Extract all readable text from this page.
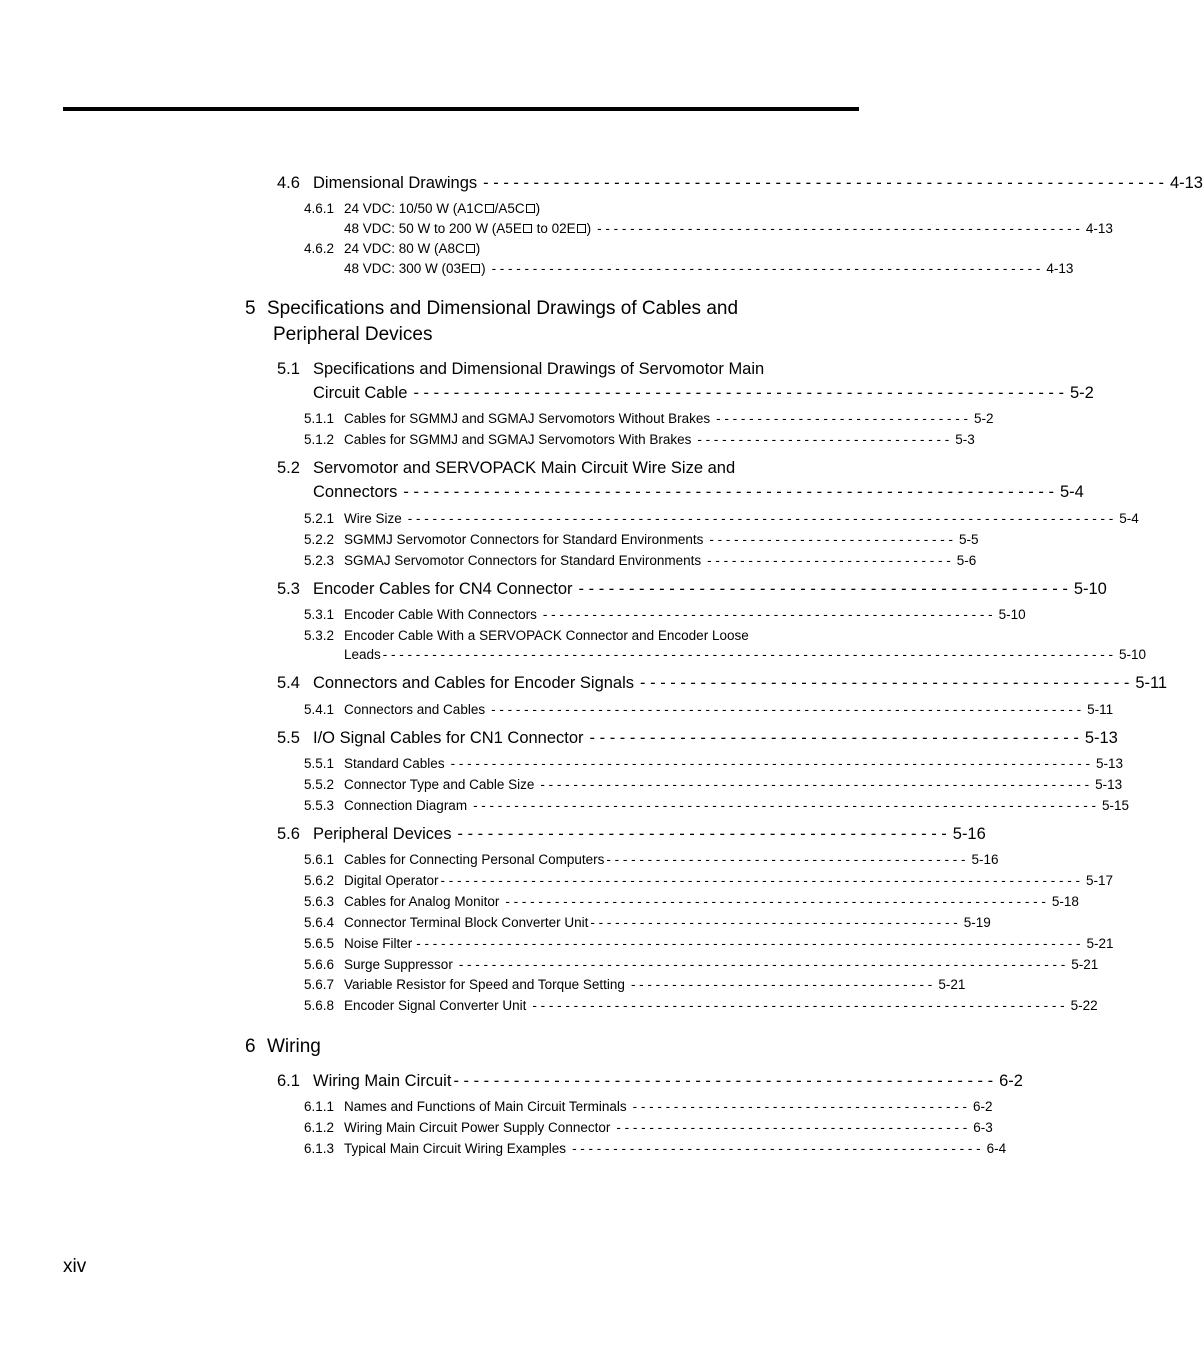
4.6 Dimensional Drawings - - - - - - - - - - - - - - - - - - - - - - - - - - - - - - - - - - - - - - - - - - - - - - - - - - - - - - - - - - - - - - - - - - - - 4-13
4.6.1 24 VDC: 10/50 W (A1C /A5C )
48 VDC: 50 W to 200 W (A5E to 02E ) - - - - - - - - - - - - - - - - - - - - - - - - - - - - - - - - - - - - - - - - - - - - - - - - - - - - - - - - - - - 4-13
4.6.2 24 VDC: 80 W (A8C )
48 VDC: 300 W (03E ) - - - - - - - - - - - - - - - - - - - - - - - - - - - - - - - - - - - - - - - - - - - - - - - - - - - - - - - - - - - - - - - - - - - 4-13
5 Specifications and Dimensional Drawings of Cables and
Peripheral Devices
5.1 Specifications and Dimensional Drawings of Servomotor Main
Circuit Cable - - - - - - - - - - - - - - - - - - - - - - - - - - - - - - - - - - - - - - - - - - - - - - - - - - - - - - - - - - - - - - - - - 5-2
5.1.1 Cables for SGMMJ and SGMAJ Servomotors Without Brakes - - - - - - - - - - - - - - - - - - - - - - - - - - - - - - - 5-2
5.1.2 Cables for SGMMJ and SGMAJ Servomotors With Brakes - - - - - - - - - - - - - - - - - - - - - - - - - - - - - - - 5-3
5.2 Servomotor and SERVOPACK Main Circuit Wire Size and
Connectors - - - - - - - - - - - - - - - - - - - - - - - - - - - - - - - - - - - - - - - - - - - - - - - - - - - - - - - - - - - - - - - - - 5-4
5.2.1 Wire Size - - - - - - - - - - - - - - - - - - - - - - - - - - - - - - - - - - - - - - - - - - - - - - - - - - - - - - - - - - - - - - - - - - - - - - - - - - - - - - - - - - - - - - 5-4
5.2.2 SGMMJ Servomotor Connectors for Standard Environments - - - - - - - - - - - - - - - - - - - - - - - - - - - - - - 5-5
5.2.3 SGMAJ Servomotor Connectors for Standard Environments - - - - - - - - - - - - - - - - - - - - - - - - - - - - - - 5-6
5.3 Encoder Cables for CN4 Connector - - - - - - - - - - - - - - - - - - - - - - - - - - - - - - - - - - - - - - - - - - - - - - - - - 5-10
5.3.1 Encoder Cable With Connectors - - - - - - - - - - - - - - - - - - - - - - - - - - - - - - - - - - - - - - - - - - - - - - - - - - - - - - - 5-10
5.3.2 Encoder Cable With a SERVOPACK Connector and Encoder Loose
Leads - - - - - - - - - - - - - - - - - - - - - - - - - - - - - - - - - - - - - - - - - - - - - - - - - - - - - - - - - - - - - - - - - - - - - - - - - - - - - - - - - - - - - - - - - 5-10
5.4 Connectors and Cables for Encoder Signals - - - - - - - - - - - - - - - - - - - - - - - - - - - - - - - - - - - - - - - - - - - - - - - - - 5-11
5.4.1 Connectors and Cables - - - - - - - - - - - - - - - - - - - - - - - - - - - - - - - - - - - - - - - - - - - - - - - - - - - - - - - - - - - - - - - - - - - - - - - - 5-11
5.5 I/O Signal Cables for CN1 Connector - - - - - - - - - - - - - - - - - - - - - - - - - - - - - - - - - - - - - - - - - - - - - - - - - 5-13
5.5.1 Standard Cables - - - - - - - - - - - - - - - - - - - - - - - - - - - - - - - - - - - - - - - - - - - - - - - - - - - - - - - - - - - - - - - - - - - - - - - - - - - - - - 5-13
5.5.2 Connector Type and Cable Size - - - - - - - - - - - - - - - - - - - - - - - - - - - - - - - - - - - - - - - - - - - - - - - - - - - - - - - - - - - - - - - - - - - 5-13
5.5.3 Connection Diagram - - - - - - - - - - - - - - - - - - - - - - - - - - - - - - - - - - - - - - - - - - - - - - - - - - - - - - - - - - - - - - - - - - - - - - - - - - - - 5-15
5.6 Peripheral Devices - - - - - - - - - - - - - - - - - - - - - - - - - - - - - - - - - - - - - - - - - - - - - - - - - 5-16
5.6.1 Cables for Connecting Personal Computers - - - - - - - - - - - - - - - - - - - - - - - - - - - - - - - - - - - - - - - - - - - - 5-16
5.6.2 Digital Operator - - - - - - - - - - - - - - - - - - - - - - - - - - - - - - - - - - - - - - - - - - - - - - - - - - - - - - - - - - - - - - - - - - - - - - - - - - - - - - 5-17
5.6.3 Cables for Analog Monitor - - - - - - - - - - - - - - - - - - - - - - - - - - - - - - - - - - - - - - - - - - - - - - - - - - - - - - - - - - - - - - - - - - 5-18
5.6.4 Connector Terminal Block Converter Unit - - - - - - - - - - - - - - - - - - - - - - - - - - - - - - - - - - - - - - - - - - - - - 5-19
5.6.5 Noise Filter - - - - - - - - - - - - - - - - - - - - - - - - - - - - - - - - - - - - - - - - - - - - - - - - - - - - - - - - - - - - - - - - - - - - - - - - - - - - - - - - - 5-21
5.6.6 Surge Suppressor - - - - - - - - - - - - - - - - - - - - - - - - - - - - - - - - - - - - - - - - - - - - - - - - - - - - - - - - - - - - - - - - - - - - - - - - - - 5-21
5.6.7 Variable Resistor for Speed and Torque Setting - - - - - - - - - - - - - - - - - - - - - - - - - - - - - - - - - - - - - 5-21
5.6.8 Encoder Signal Converter Unit - - - - - - - - - - - - - - - - - - - - - - - - - - - - - - - - - - - - - - - - - - - - - - - - - - - - - - - - - - - - - - - - - 5-22
6 Wiring
6.1 Wiring Main Circuit - - - - - - - - - - - - - - - - - - - - - - - - - - - - - - - - - - - - - - - - - - - - - - - - - - - - - - 6-2
6.1.1 Names and Functions of Main Circuit Terminals - - - - - - - - - - - - - - - - - - - - - - - - - - - - - - - - - - - - - - - - - 6-2
6.1.2 Wiring Main Circuit Power Supply Connector - - - - - - - - - - - - - - - - - - - - - - - - - - - - - - - - - - - - - - - - - - - 6-3
6.1.3 Typical Main Circuit Wiring Examples - - - - - - - - - - - - - - - - - - - - - - - - - - - - - - - - - - - - - - - - - - - - - - - - - - 6-4
xiv
